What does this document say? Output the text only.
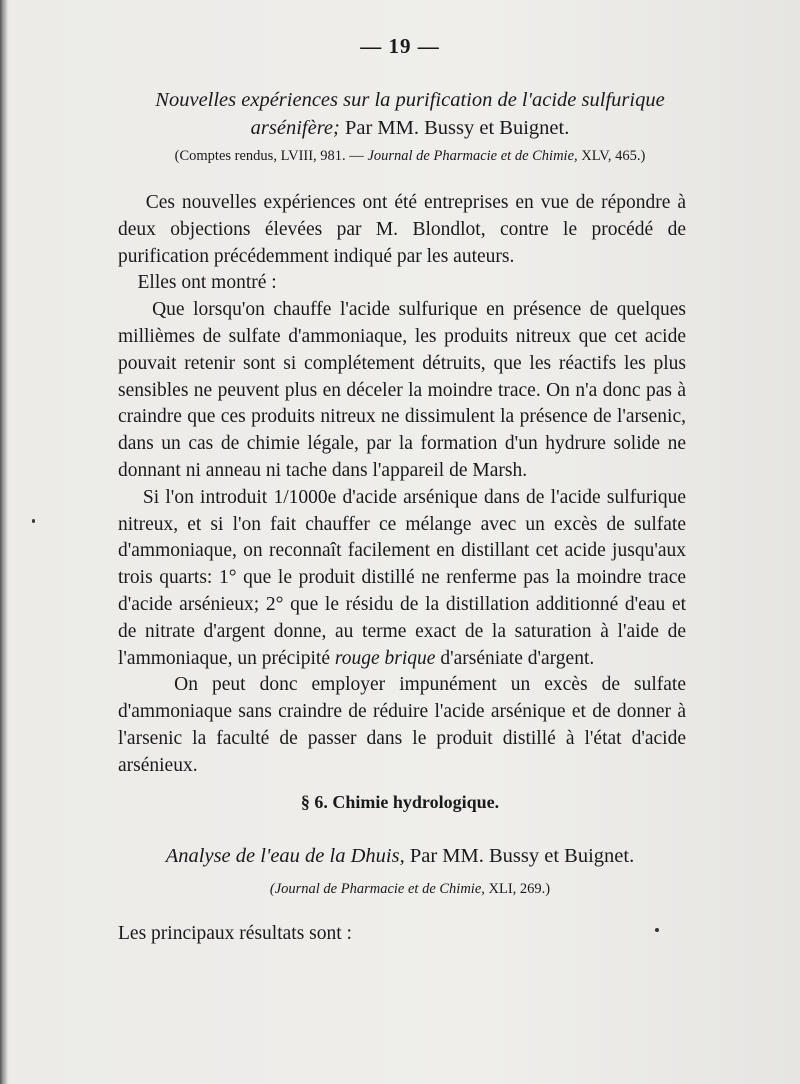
— 19 —
Nouvelles expériences sur la purification de l'acide sulfurique
arsénifère; Par MM. Bussy et Buignet.
(Comptes rendus, LVIII, 981. — Journal de Pharmacie et de Chimie, XLV, 465.)

Ces nouvelles expériences ont été entreprises en vue de répondre à deux objections élevées par M. Blondlot, contre le procédé de purification précédemment indiqué par les auteurs.

Elles ont montré :

Que lorsqu'on chauffe l'acide sulfurique en présence de quelques millièmes de sulfate d'ammoniaque, les produits nitreux que cet acide pouvait retenir sont si complétement détruits, que les réactifs les plus sensibles ne peuvent plus en déceler la moindre trace. On n'a donc pas à craindre que ces produits nitreux ne dissimulent la présence de l'arsenic, dans un cas de chimie légale, par la formation d'un hydrure solide ne donnant ni anneau ni tache dans l'appareil de Marsh.

Si l'on introduit 1/1000e d'acide arsénique dans de l'acide sulfurique nitreux, et si l'on fait chauffer ce mélange avec un excès de sulfate d'ammoniaque, on reconnaît facilement en distillant cet acide jusqu'aux trois quarts: 1° que le produit distillé ne renferme pas la moindre trace d'acide arsénieux; 2° que le résidu de la distillation additionné d'eau et de nitrate d'argent donne, au terme exact de la saturation à l'aide de l'ammoniaque, un précipité rouge brique d'arséniate d'argent.

On peut donc employer impunément un excès de sulfate d'ammoniaque sans craindre de réduire l'acide arsénique et de donner à l'arsenic la faculté de passer dans le produit distillé à l'état d'acide arsénieux.

§ 6. Chimie hydrologique.
Analyse de l'eau de la Dhuis, Par MM. Bussy et Buignet.
(Journal de Pharmacie et de Chimie, XLI, 269.)
Les principaux résultats sont :
